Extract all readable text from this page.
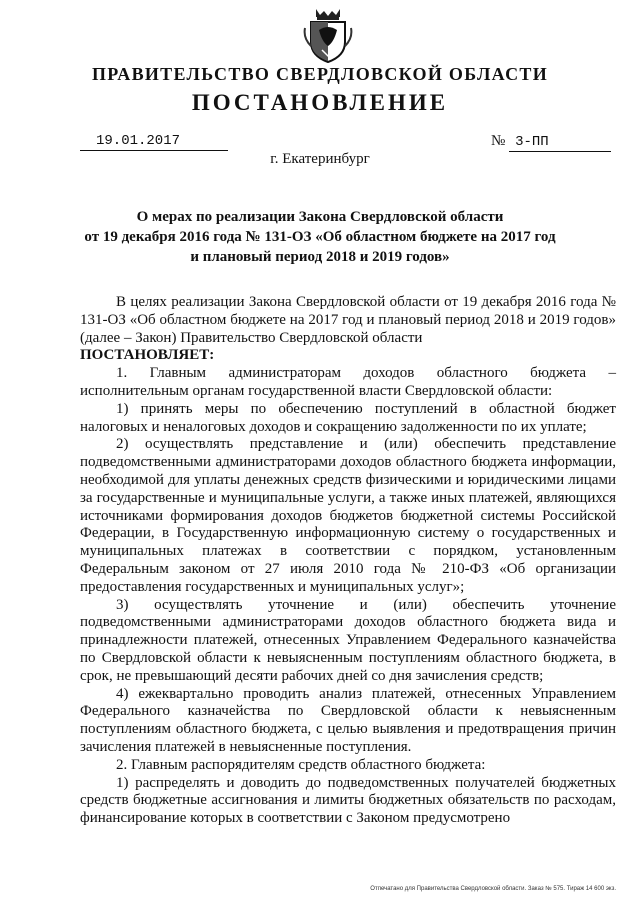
ПРАВИТЕЛЬСТВО СВЕРДЛОВСКОЙ ОБЛАСТИ
ПОСТАНОВЛЕНИЕ
19.01.2017	№ 3-ПП
г. Екатеринбург
О мерах по реализации Закона Свердловской области
от 19 декабря 2016 года № 131-ОЗ «Об областном бюджете на 2017 год
и плановый период 2018 и 2019 годов»

В целях реализации Закона Свердловской области от 19 декабря 2016 года № 131-ОЗ «Об областном бюджете на 2017 год и плановый период 2018 и 2019 годов» (далее – Закон) Правительство Свердловской области

ПОСТАНОВЛЯЕТ:

1. Главным администраторам доходов областного бюджета – исполнительным органам государственной власти Свердловской области:

1) принять меры по обеспечению поступлений в областной бюджет налоговых и неналоговых доходов и сокращению задолженности по их уплате;

2) осуществлять представление и (или) обеспечить представление подведомственными администраторами доходов областного бюджета информации, необходимой для уплаты денежных средств физическими и юридическими лицами за государственные и муниципальные услуги, а также иных платежей, являющихся источниками формирования доходов бюджетов бюджетной системы Российской Федерации, в Государственную информационную систему о государственных и муниципальных платежах в соответствии с порядком, установленным Федеральным законом от 27 июля 2010 года № 210-ФЗ «Об организации предоставления государственных и муниципальных услуг»;

3) осуществлять уточнение и (или) обеспечить уточнение подведомственными администраторами доходов областного бюджета вида и принадлежности платежей, отнесенных Управлением Федерального казначейства по Свердловской области к невыясненным поступлениям областного бюджета, в срок, не превышающий десяти рабочих дней со дня зачисления средств;

4) ежеквартально проводить анализ платежей, отнесенных Управлением Федерального казначейства по Свердловской области к невыясненным поступлениям областного бюджета, с целью выявления и предотвращения причин зачисления платежей в невыясненные поступления.

2. Главным распорядителям средств областного бюджета:

1) распределять и доводить до подведомственных получателей бюджетных средств бюджетные ассигнования и лимиты бюджетных обязательств по расходам, финансирование которых в соответствии с Законом предусмотрено

Отпечатано для Правительства Свердловской области. Заказ № 575. Тираж 14 600 экз.
